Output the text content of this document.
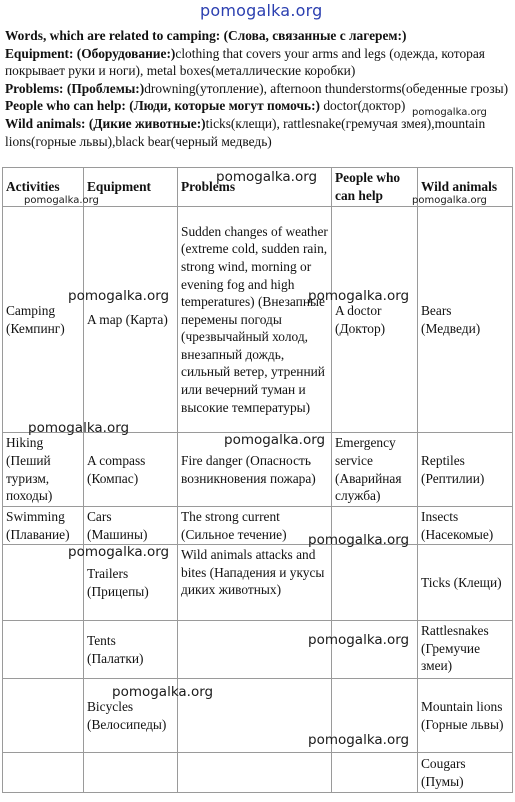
pomogalka.org

Words, which are related to camping: (Слова, связанные с лагерем:)

Equipment: (Оборудование:)clothing that covers your arms and legs (одежда, которая покрывает руки и ноги), metal boxes(металлические коробки)

Problems: (Проблемы:)drowning(утопление), afternoon thunderstorms(обеденные грозы)

People who can help: (Люди, которые могут помочь:) doctor(доктор)

Wild animals: (Дикие животные:)ticks(клещи), rattlesnake(гремучая змея),mountain lions(горные львы),black bear(черный медведь)

Activities	Equipment	Problems	People who can help	Wild animals
Camping (Кемпинг)	A map (Карта)	Sudden changes of weather (extreme cold, sudden rain, strong wind, morning or evening fog and high temperatures) (Внезапные перемены погоды (чрезвычайный холод, внезапный дождь, сильный ветер, утренний или вечерний туман и высокие температуры)	A doctor (Доктор)	Bears (Медведи)
Hiking (Пеший туризм, походы)	A compass (Компас)	Fire danger (Опасность возникновения пожара)	Emergency service (Аварийная служба)	Reptiles (Рептилии)
Swimming (Плавание)	Cars (Машины)	The strong current (Сильное течение)		Insects (Насекомые)
	Trailers (Прицепы)	Wild animals attacks and bites (Нападения и укусы диких животных)		Ticks (Клещи)
	Tents (Палатки)			Rattlesnakes (Гремучие змеи)
	Bicycles (Велосипеды)			Mountain lions (Горные львы)
				Cougars (Пумы)
pomogalka.org
pomogalka.org
pomogalka.org	pomogalka.org
pomogalka.org	pomogalka.org
pomogalka.org
pomogalka.org
pomogalka.org
pomogalka.org
pomogalka.org
pomogalka.org
pomogalka.org
